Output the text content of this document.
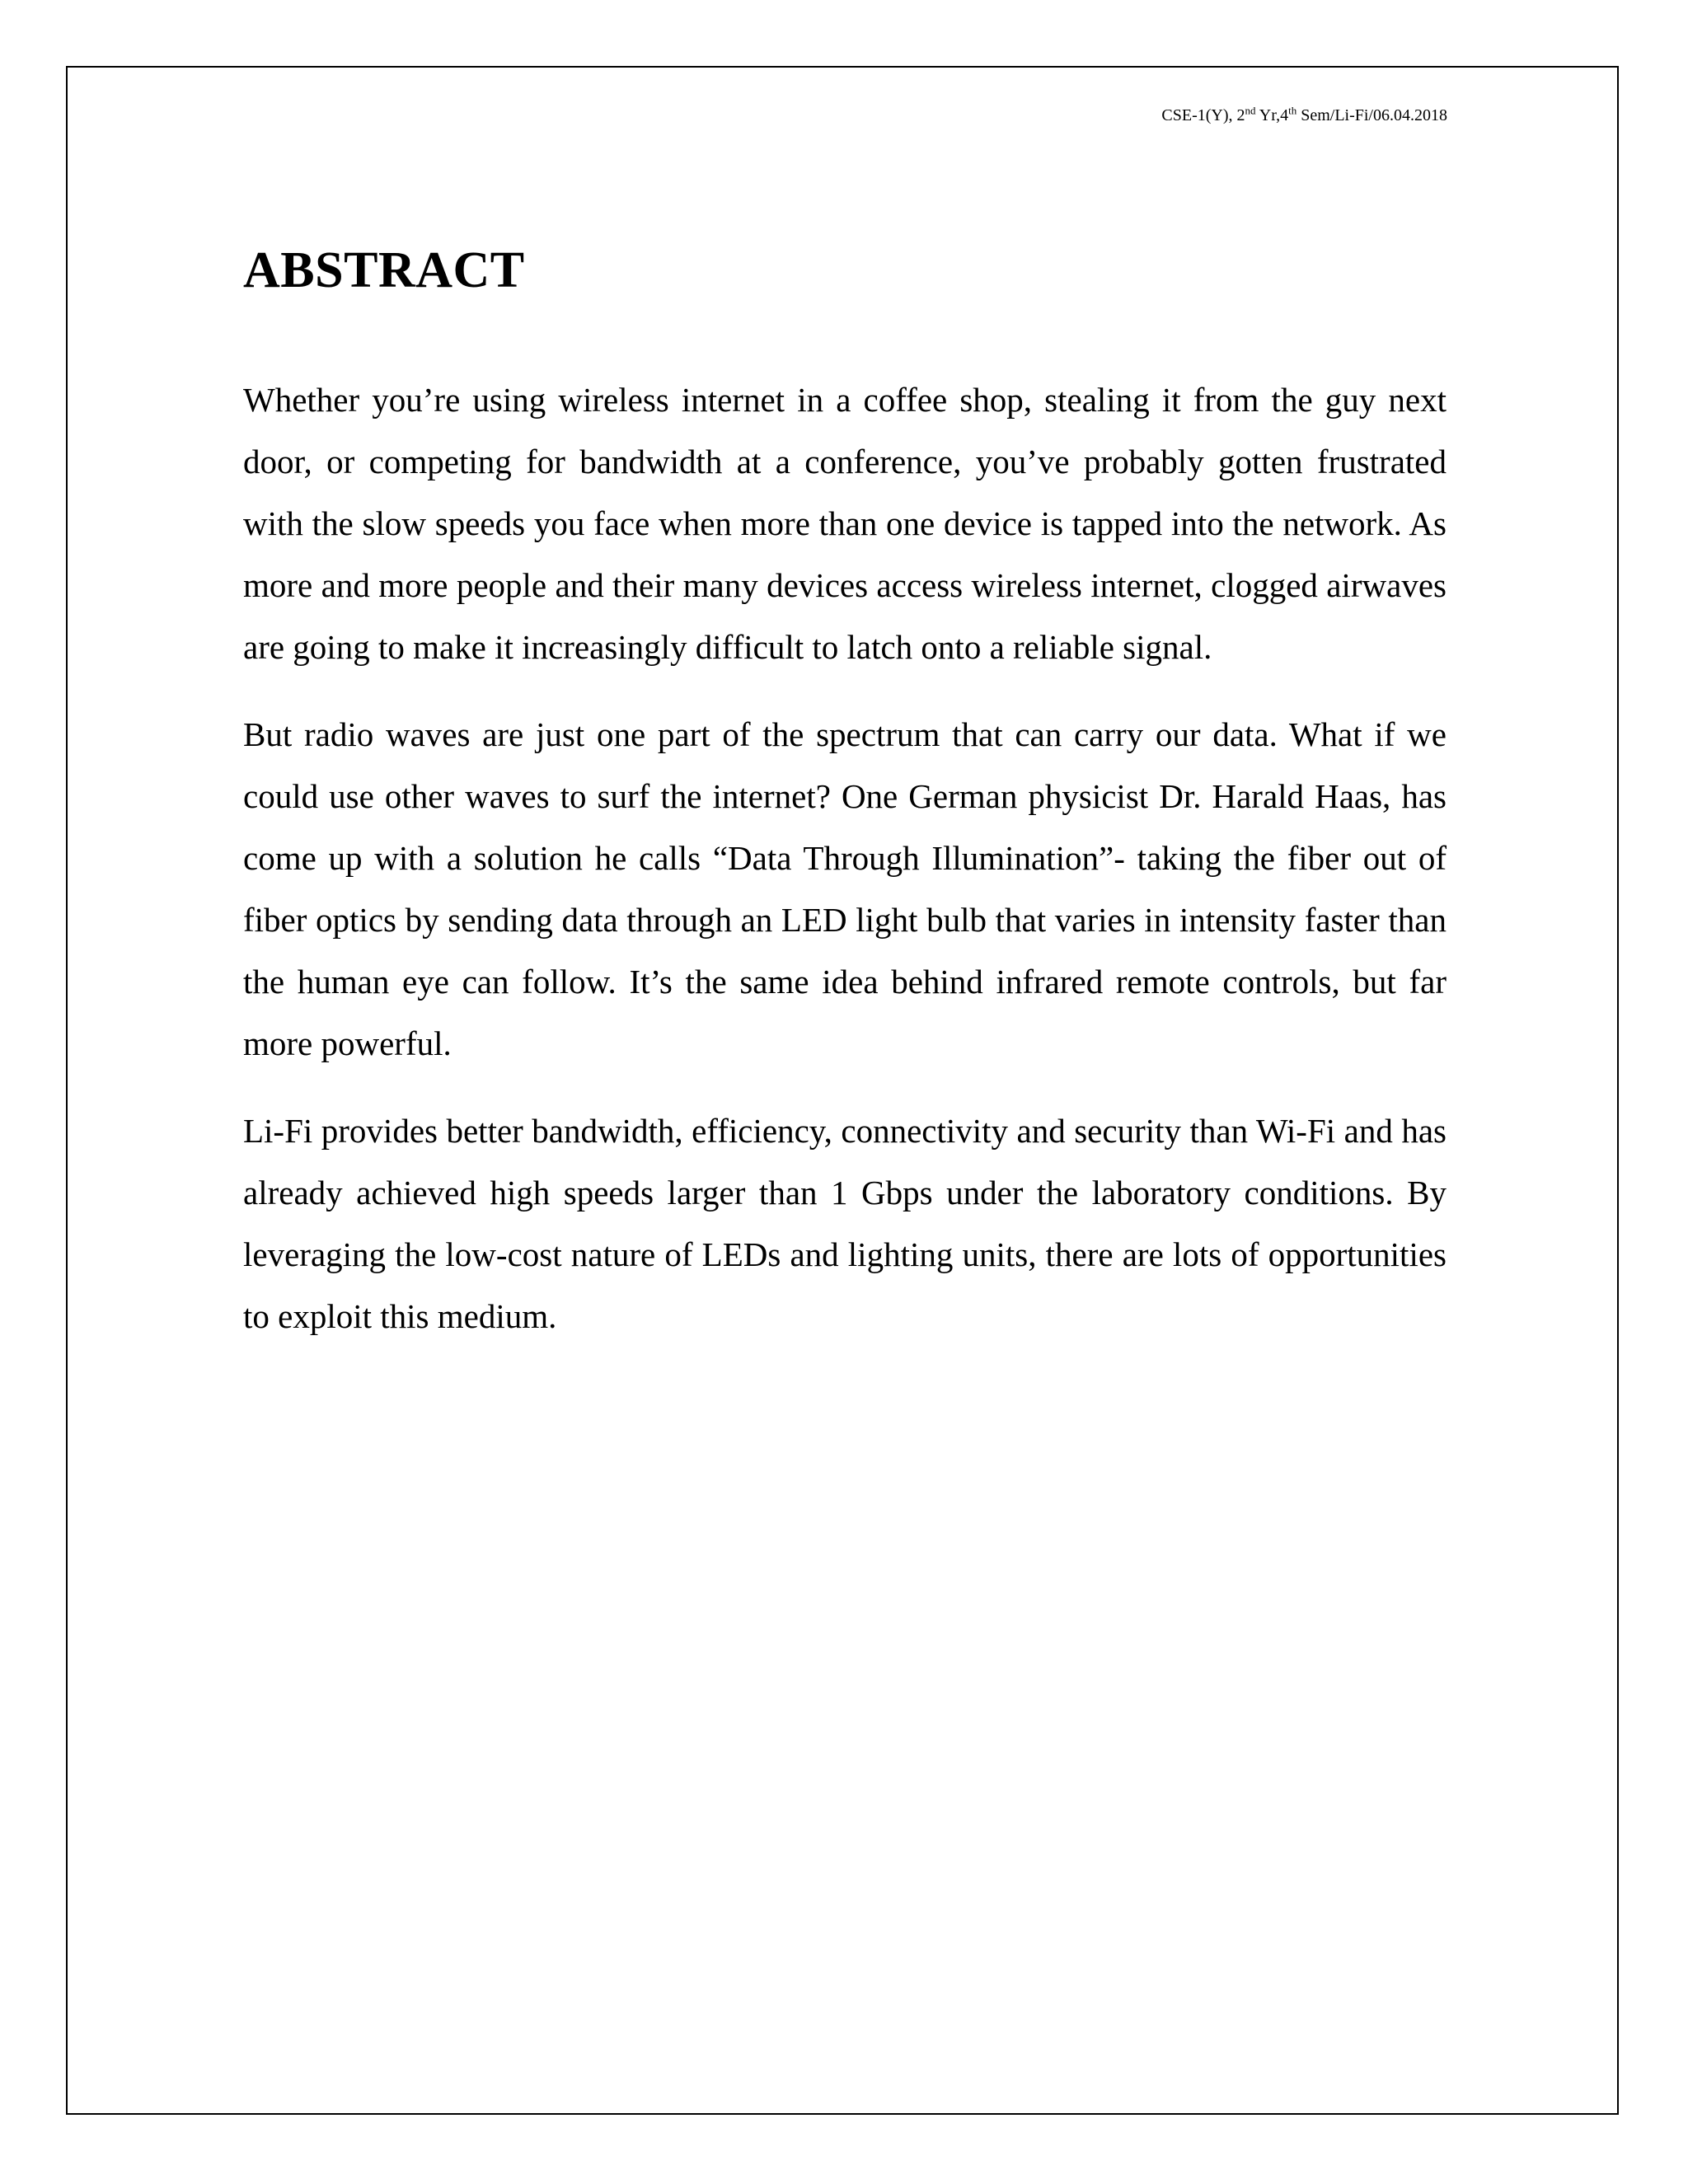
CSE-1(Y), 2nd Yr,4th Sem/Li-Fi/06.04.2018
ABSTRACT

Whether you’re using wireless internet in a coffee shop, stealing it from the guy next door, or competing for bandwidth at a conference, you’ve probably gotten frustrated with the slow speeds you face when more than one device is tapped into the network. As more and more people and their many devices access wireless internet, clogged airwaves are going to make it increasingly difficult to latch onto a reliable signal.

But radio waves are just one part of the spectrum that can carry our data. What if we could use other waves to surf the internet? One German physicist Dr. Harald Haas, has come up with a solution he calls “Data Through Illumination”- taking the fiber out of fiber optics by sending data through an LED light bulb that varies in intensity faster than the human eye can follow. It’s the same idea behind infrared remote controls, but far more powerful.

Li-Fi provides better bandwidth, efficiency, connectivity and security than Wi-Fi and has already achieved high speeds larger than 1 Gbps under the laboratory conditions. By leveraging the low-cost nature of LEDs and lighting units, there are lots of opportunities to exploit this medium.
